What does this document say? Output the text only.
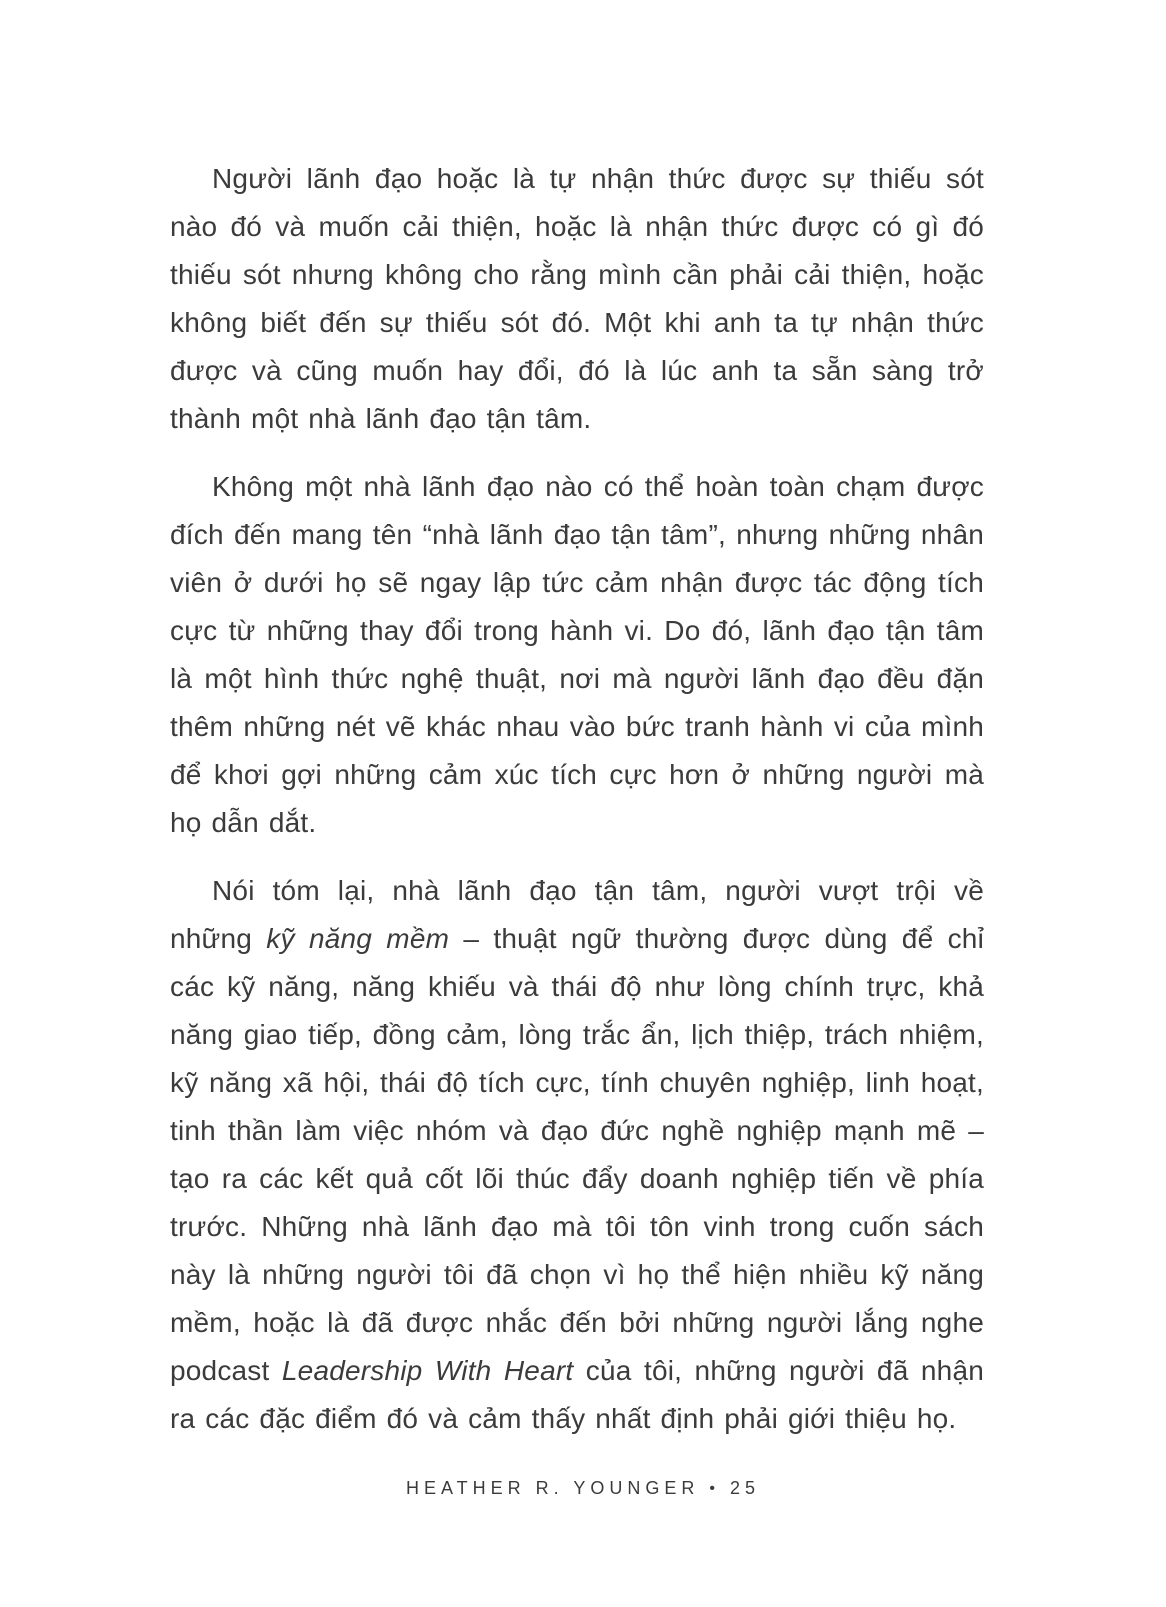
Người lãnh đạo hoặc là tự nhận thức được sự thiếu sót nào đó và muốn cải thiện, hoặc là nhận thức được có gì đó thiếu sót nhưng không cho rằng mình cần phải cải thiện, hoặc không biết đến sự thiếu sót đó. Một khi anh ta tự nhận thức được và cũng muốn hay đổi, đó là lúc anh ta sẵn sàng trở thành một nhà lãnh đạo tận tâm.

Không một nhà lãnh đạo nào có thể hoàn toàn chạm được đích đến mang tên “nhà lãnh đạo tận tâm”, nhưng những nhân viên ở dưới họ sẽ ngay lập tức cảm nhận được tác động tích cực từ những thay đổi trong hành vi. Do đó, lãnh đạo tận tâm là một hình thức nghệ thuật, nơi mà người lãnh đạo đều đặn thêm những nét vẽ khác nhau vào bức tranh hành vi của mình để khơi gợi những cảm xúc tích cực hơn ở những người mà họ dẫn dắt.

Nói tóm lại, nhà lãnh đạo tận tâm, người vượt trội về những kỹ năng mềm – thuật ngữ thường được dùng để chỉ các kỹ năng, năng khiếu và thái độ như lòng chính trực, khả năng giao tiếp, đồng cảm, lòng trắc ẩn, lịch thiệp, trách nhiệm, kỹ năng xã hội, thái độ tích cực, tính chuyên nghiệp, linh hoạt, tinh thần làm việc nhóm và đạo đức nghề nghiệp mạnh mẽ – tạo ra các kết quả cốt lõi thúc đẩy doanh nghiệp tiến về phía trước. Những nhà lãnh đạo mà tôi tôn vinh trong cuốn sách này là những người tôi đã chọn vì họ thể hiện nhiều kỹ năng mềm, hoặc là đã được nhắc đến bởi những người lắng nghe podcast Leadership With Heart của tôi, những người đã nhận ra các đặc điểm đó và cảm thấy nhất định phải giới thiệu họ.

HEATHER R. YOUNGER • 25
